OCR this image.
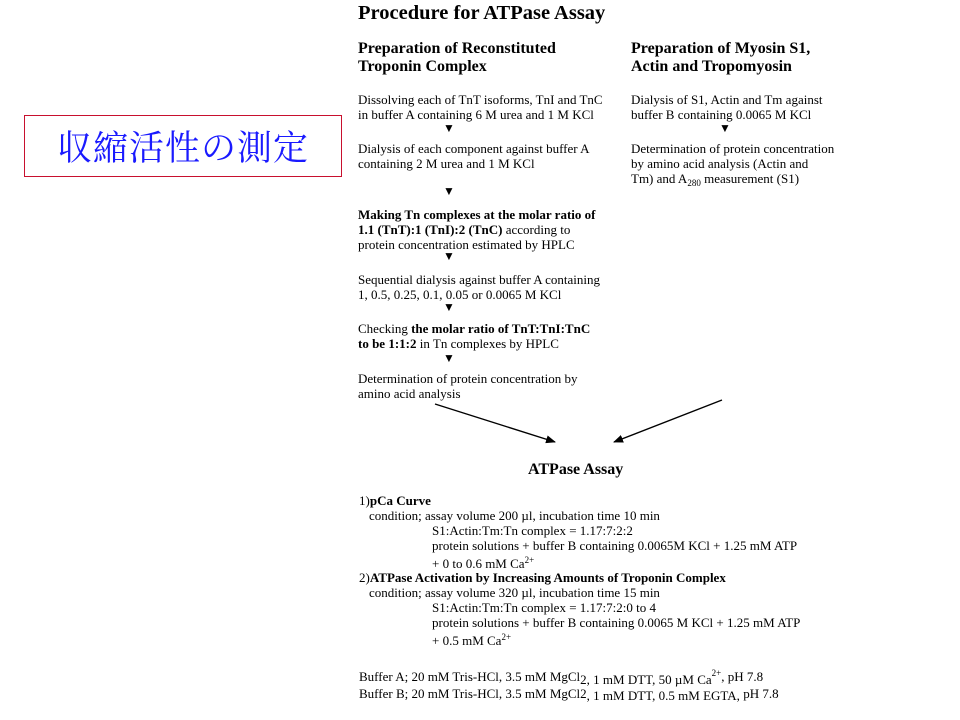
収縮活性の測定
Procedure for ATPase Assay
Preparation of Reconstituted
Troponin Complex
Dissolving each of TnT isoforms, TnI and TnC
in buffer A containing 6 M urea and 1 M KCl
▼
Dialysis of each component against buffer A
containing 2 M urea and 1 M KCl
▼
Making Tn complexes at the molar ratio of
1.1 (TnT):1 (TnI):2 (TnC) according to
protein concentration estimated by HPLC
▼
Sequential dialysis against buffer A containing
1, 0.5, 0.25, 0.1, 0.05 or 0.0065 M KCl
▼
Checking the molar ratio of TnT:TnI:TnC
to be 1:1:2 in Tn complexes by HPLC
▼
Determination of protein concentration by
amino acid analysis
Preparation of Myosin S1,
Actin and Tropomyosin
Dialysis of S1, Actin and Tm against
buffer B containing 0.0065 M KCl
▼
Determination of protein concentration
by amino acid analysis (Actin and
Tm) and $A_{280}$ measurement (S1)
ATPase Assay
1)pCa Curve
condition; assay volume 200 µl, incubation time 10 min
S1:Actin:Tm:Tn complex = 1.17:7:2:2
protein solutions + buffer B containing 0.0065M KCl + 1.25 mM ATP
+ 0 to 0.6 mM $Ca^{2+}$
2)ATPase Activation by Increasing Amounts of Troponin Complex
condition; assay volume 320 µl, incubation time 15 min
S1:Actin:Tm:Tn complex = 1.17:7:2:0 to 4
protein solutions + buffer B containing 0.0065 M KCl + 1.25 mM ATP
+ 0.5 mM $Ca^{2+}$
Buffer A; 20 mM Tris-HCl, 3.5 mM MgCl2, 1 mM DTT, 50 µM $Ca^{2+}$, pH 7.8
Buffer B; 20 mM Tris-HCl, 3.5 mM MgCl2, 1 mM DTT, 0.5 mM EGTA, pH 7.8
